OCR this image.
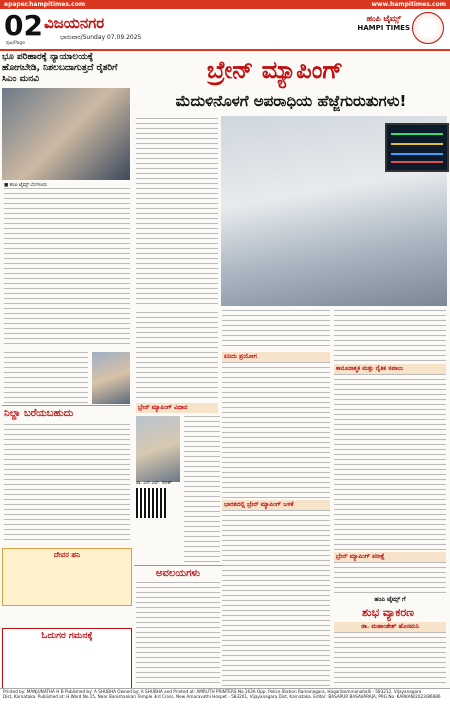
epaper.hampitimes.com	www.hampitimes.com
02
ಪುಟ/Page
ವಿಜಯನಗರ
ಭಾನುವಾರ/Sunday 07.09.2025
ಹಂಪಿ ಟೈಮ್ಸ್
HAMPI TIMES
ಭೂ ಪರಿಹಾರಕ್ಕೆ ನ್ಯಾಯಾಲಯಕ್ಕೆ ಹೋಗಬೇಡಿ, ನಿಶಲಬದಾಗುತ್ತದೆ ರೈತರಿಗೆ ಸಿಎಂ ಮನವಿ
■ ಹಂಪಿ ಟೈಮ್ಸ್ ಬೆಂಗಳೂರು
ನಿಲ್ದಾ ಬರೆಯಬಹುದು
ದೇವರ ಹನಿ
ಓದುಗರ ಗಮನಕ್ಕೆ
ಬ್ರೇನ್ ಮ್ಯಾಪಿಂಗ್
ಮೆದುಳಿನೊಳಗೆ ಅಪರಾಧಿಯ ಹೆಜ್ಜೆಗುರುತುಗಳು!
ಬ್ರೇನ್ ಮ್ಯಾಪಿಂಗ್ ವಿಧಾನ
ಡಾ. ಎನ್.ಎಲ್. ಗಿರೀಶ್
ಏನಿದು ಪ್ರಯೋಗ
ಭಾರತದಲ್ಲಿ ಬ್ರೇನ್ ಮ್ಯಾಪಿಂಗ್ ಬಳಕೆ
ಕಾನೂನಾತ್ಮಕ ಮತ್ತು ನೈತಿಕ ಸವಾಲು
ಬ್ರೇನ್ ಮ್ಯಾಪಿಂಗ್ ಪರೀಕ್ಷೆ
ಅವಲಯಗಳು
ಹಂಪಿ ಟೈಮ್ಸ್ ಗೆ
ಶುಭ ವ್ಯಾಕರಣ
ಡಾ. ಮಹಾಂತೇಶ್ ಹೊಸಮನಿ
Printed by: MANJUNATHA H B Published by: A SHUBHA Owned by: A SHUBHA and Printed at: AMRUTH PRINTERS No.163A Opp. Police Station Ramanagara, Hagaribommanahalli - 583212, Vijayanagara
Dist, Karnataka. Published at: H.Ward No.15, Near Banishankari Temple 3rd Cross, New Amaravathi Hospet - 583201, Vijayanagara Dist, Karnataka. Editor: BASAPUR BASAVARAJA, PRG.No. KARKAN/2023/86686
